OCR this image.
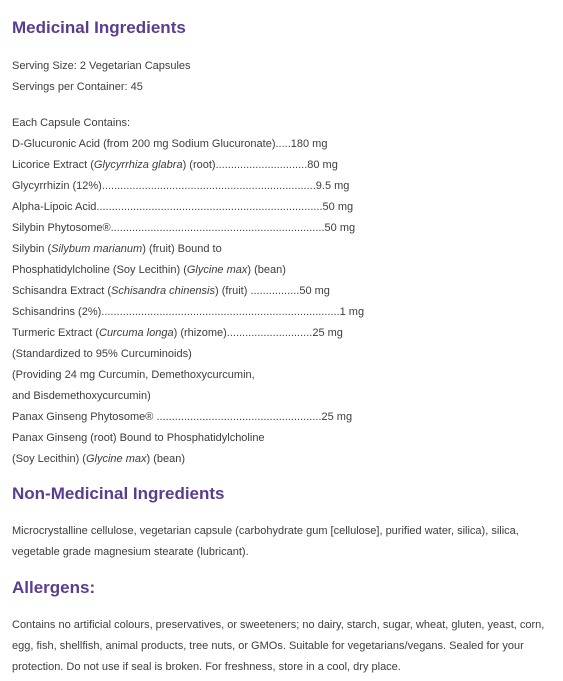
Medicinal Ingredients
Serving Size: 2 Vegetarian Capsules
Servings per Container: 45
Each Capsule Contains:
D-Glucuronic Acid (from 200 mg Sodium Glucuronate).....180 mg
Licorice Extract (Glycyrrhiza glabra) (root)..............................80 mg
Glycyrrhizin (12%)......................................................................9.5 mg
Alpha-Lipoic Acid..........................................................................50 mg
Silybin Phytosome®......................................................................50 mg
Silybin (Silybum marianum) (fruit) Bound to
Phosphatidylcholine (Soy Lecithin) (Glycine max) (bean)
Schisandra Extract (Schisandra chinensis) (fruit) ................50 mg
Schisandrins (2%)..............................................................................1 mg
Turmeric Extract (Curcuma longa) (rhizome)............................25 mg
(Standardized to 95% Curcuminoids)
(Providing 24 mg Curcumin, Demethoxycurcumin,
and Bisdemethoxycurcumin)
Panax Ginseng Phytosome® ......................................................25 mg
Panax Ginseng (root) Bound to Phosphatidylcholine
(Soy Lecithin) (Glycine max) (bean)
Non-Medicinal Ingredients
Microcrystalline cellulose, vegetarian capsule (carbohydrate gum [cellulose], purified water, silica), silica, vegetable grade magnesium stearate (lubricant).
Allergens:
Contains no artificial colours, preservatives, or sweeteners; no dairy, starch, sugar, wheat, gluten, yeast, corn, egg, fish, shellfish, animal products, tree nuts, or GMOs. Suitable for vegetarians/vegans. Sealed for your protection. Do not use if seal is broken. For freshness, store in a cool, dry place.
